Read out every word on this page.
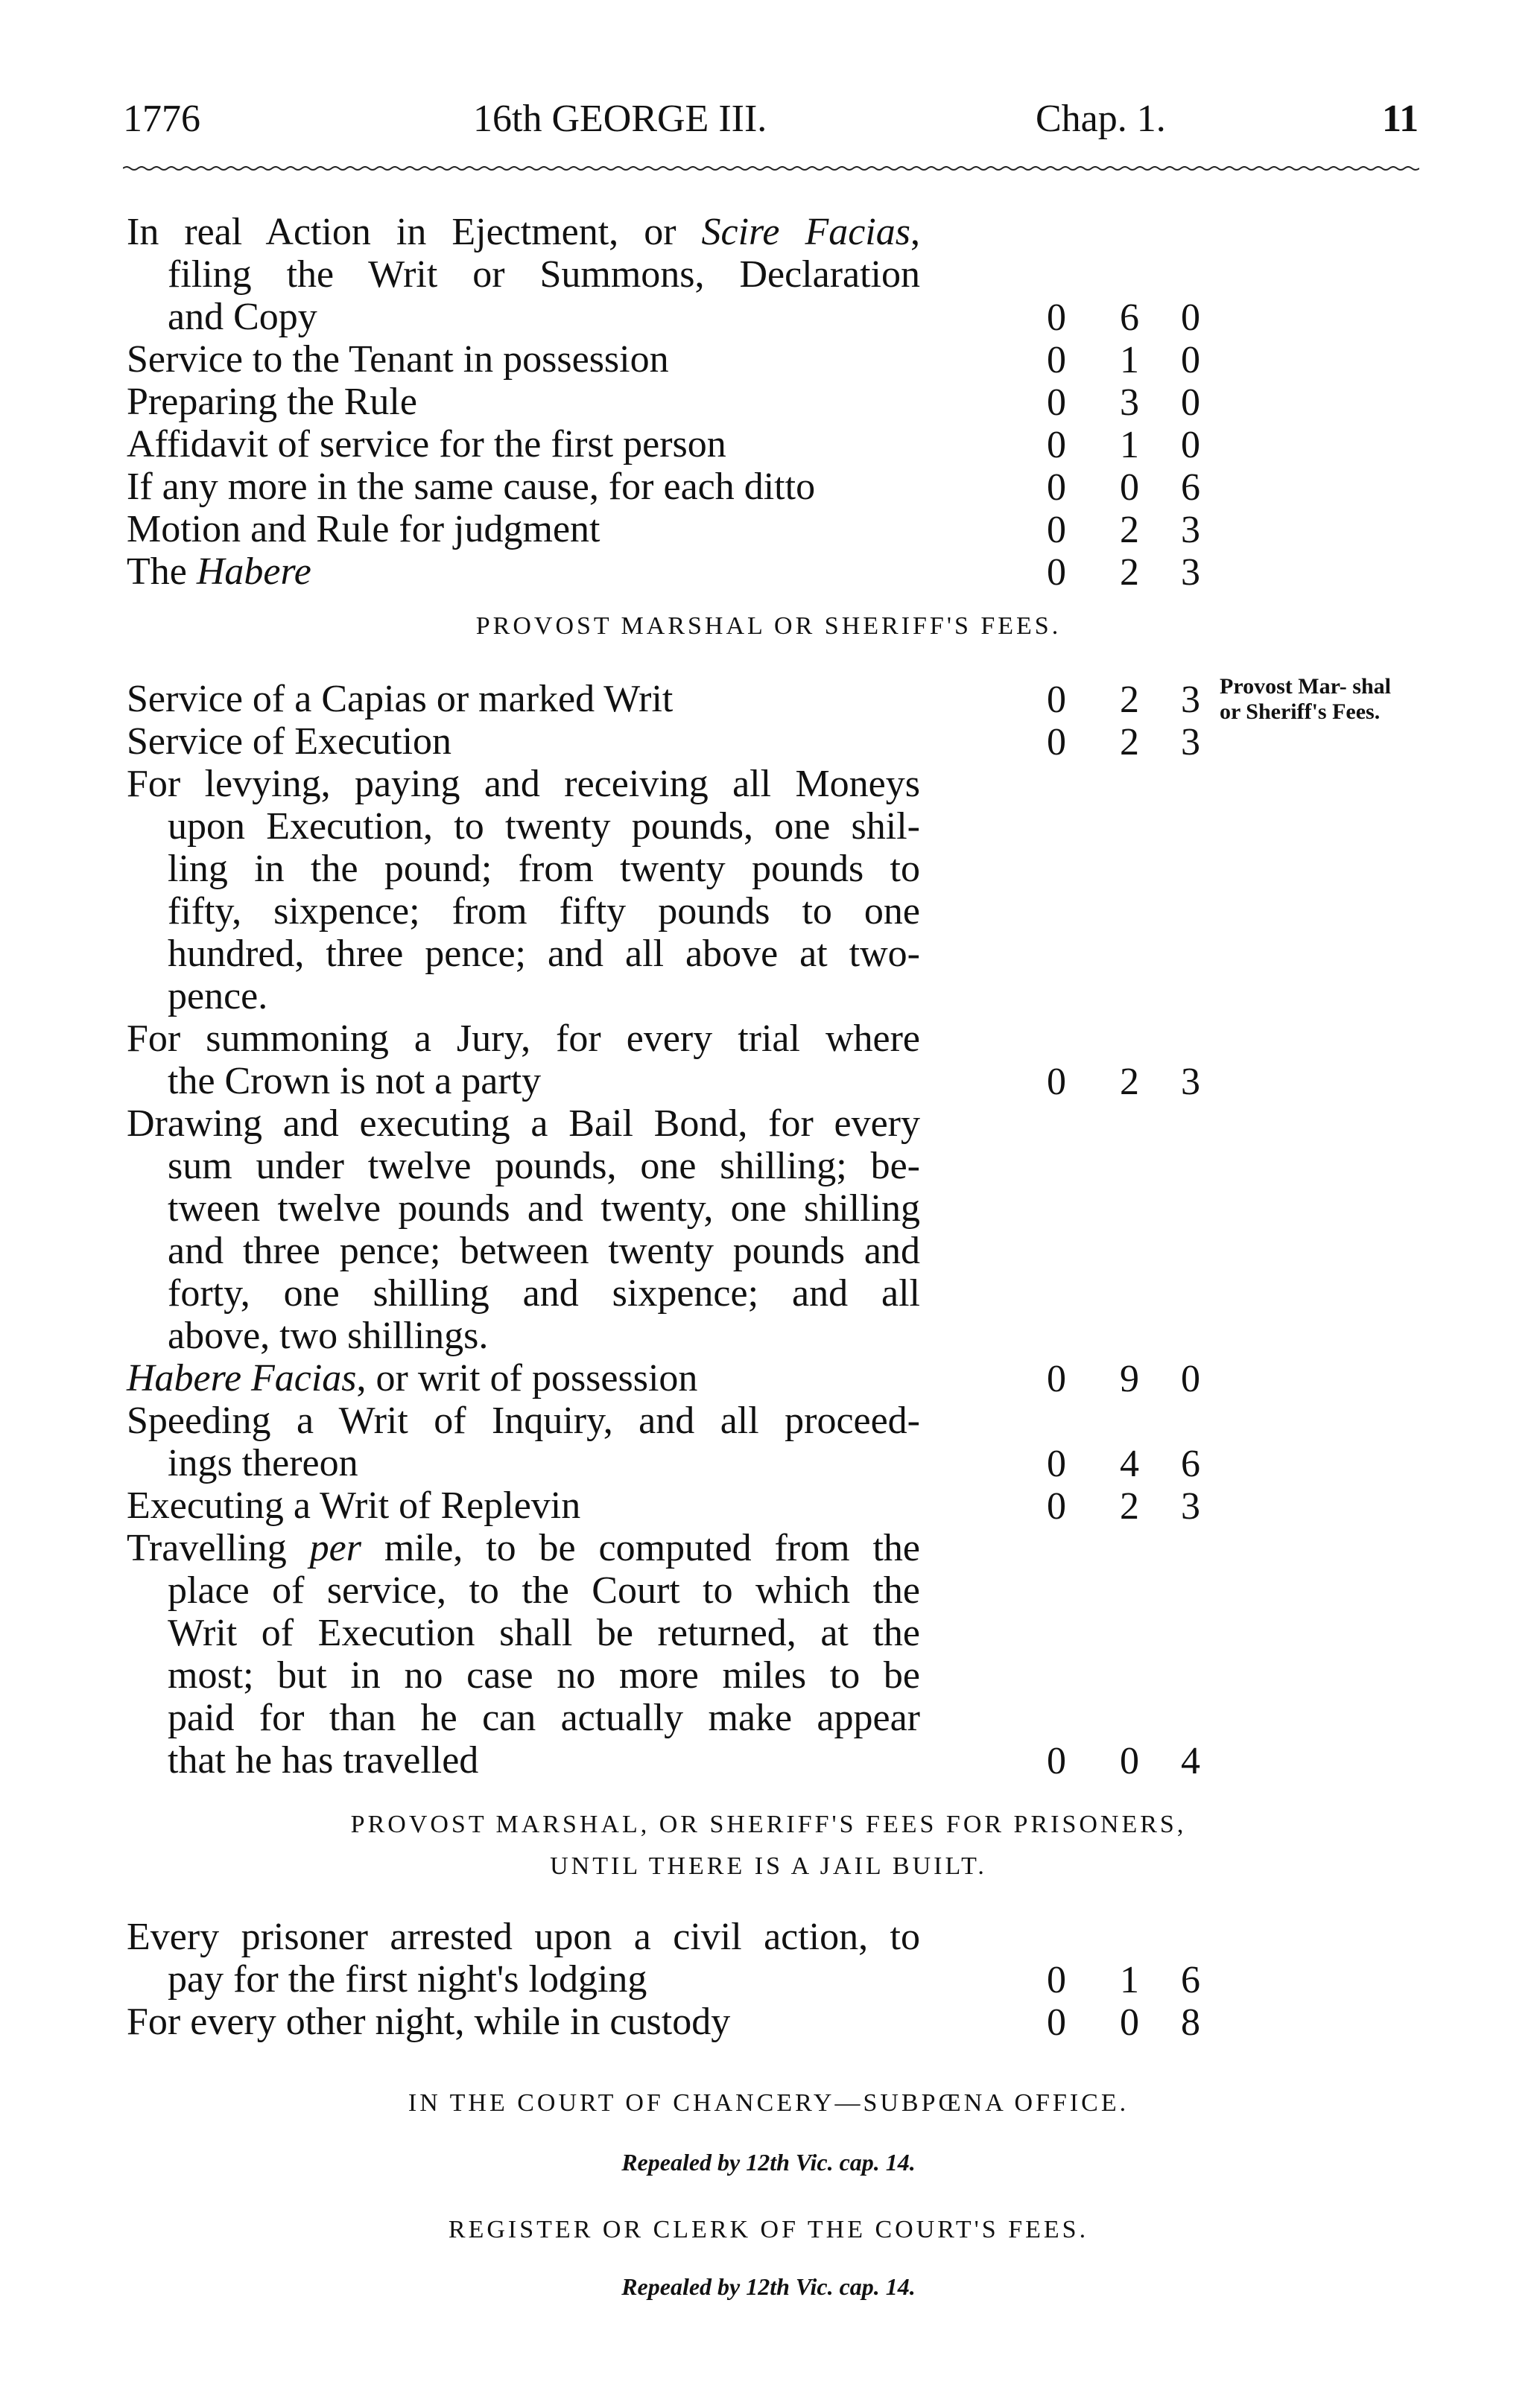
1776	16th GEORGE III.	Chap. 1.	11
In real Action in Ejectment, or Scire Facias,
filing the Writ or Summons, Declaration
and Copy	0 6 0
Service to the Tenant in possession	0 1 0
Preparing the Rule	0 3 0
Affidavit of service for the first person	0 1 0
If any more in the same cause, for each ditto	0 0 6
Motion and Rule for judgment	0 2 3
The Habere	0 2 3
Service of a Capias or marked Writ	0 2 3
Service of Execution	0 2 3
For levying, paying and receiving all Moneys
upon Execution, to twenty pounds, one shil-
ling in the pound; from twenty pounds to
fifty, sixpence; from fifty pounds to one
hundred, three pence; and all above at two-
pence.
For summoning a Jury, for every trial where
the Crown is not a party	0 2 3
Drawing and executing a Bail Bond, for every
sum under twelve pounds, one shilling; be-
tween twelve pounds and twenty, one shilling
and three pence; between twenty pounds and
forty, one shilling and sixpence; and all
above, two shillings.
Habere Facias, or writ of possession	0 9 0
Speeding a Writ of Inquiry, and all proceed-
ings thereon	0 4 6
Executing a Writ of Replevin	0 2 3
Travelling per mile, to be computed from the
place of service, to the Court to which the
Writ of Execution shall be returned, at the
most; but in no case no more miles to be
paid for than he can actually make appear
that he has travelled	0 0 4
Every prisoner arrested upon a civil action, to
pay for the first night's lodging	0 1 6
For every other night, while in custody	0 0 8
PROVOST MARSHAL OR SHERIFF'S FEES.
Provost Mar- shal or Sheriff's Fees.
PROVOST MARSHAL, OR SHERIFF'S FEES FOR PRISONERS,
UNTIL THERE IS A JAIL BUILT.
IN THE COURT OF CHANCERY—SUBPŒNA OFFICE.
Repealed by 12th Vic. cap. 14.
REGISTER OR CLERK OF THE COURT'S FEES.
Repealed by 12th Vic. cap. 14.
